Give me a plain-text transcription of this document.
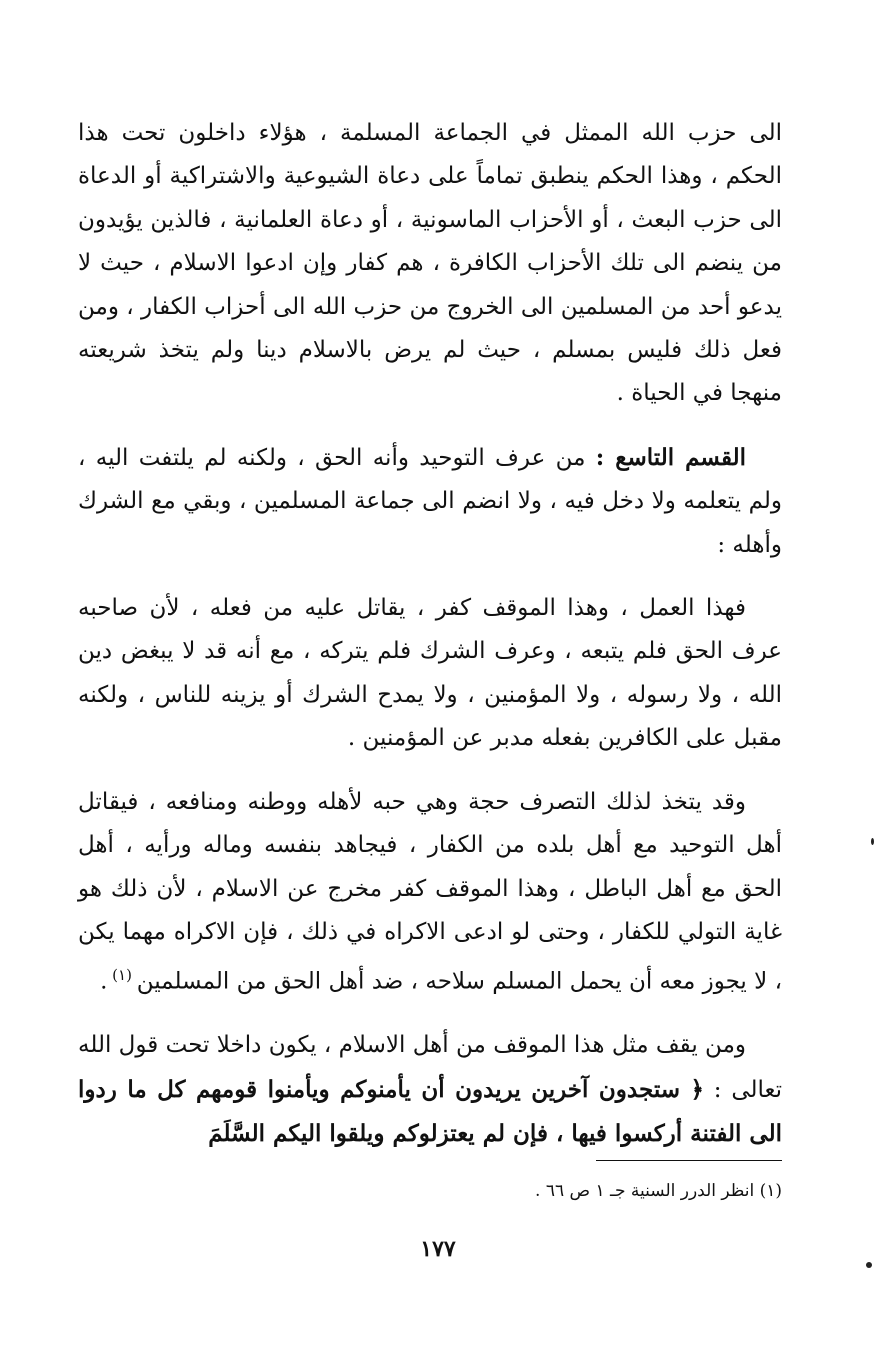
الى حزب الله الممثل في الجماعة المسلمة ، هؤلاء داخلون تحت هذا الحكم ، وهذا الحكم ينطبق تماماً على دعاة الشيوعية والاشتراكية أو الدعاة الى حزب البعث ، أو الأحزاب الماسونية ، أو دعاة العلمانية ، فالذين يؤيدون من ينضم الى تلك الأحزاب الكافرة ، هم كفار وإن ادعوا الاسلام ، حيث لا يدعو أحد من المسلمين الى الخروج من حزب الله الى أحزاب الكفار ، ومن فعل ذلك فليس بمسلم ، حيث لم يرض بالاسلام دينا ولم يتخذ شريعته منهجا في الحياة .

القسم التاسع : من عرف التوحيد وأنه الحق ، ولكنه لم يلتفت اليه ، ولم يتعلمه ولا دخل فيه ، ولا انضم الى جماعة المسلمين ، وبقي مع الشرك وأهله :

فهذا العمل ، وهذا الموقف كفر ، يقاتل عليه من فعله ، لأن صاحبه عرف الحق فلم يتبعه ، وعرف الشرك فلم يتركه ، مع أنه قد لا يبغض دين الله ، ولا رسوله ، ولا المؤمنين ، ولا يمدح الشرك أو يزينه للناس ، ولكنه مقبل على الكافرين بفعله مدبر عن المؤمنين .

وقد يتخذ لذلك التصرف حجة وهي حبه لأهله ووطنه ومنافعه ، فيقاتل أهل التوحيد مع أهل بلده من الكفار ، فيجاهد بنفسه وماله ورأيه ، أهل الحق مع أهل الباطل ، وهذا الموقف كفر مخرج عن الاسلام ، لأن ذلك هو غاية التولي للكفار ، وحتى لو ادعى الاكراه في ذلك ، فإن الاكراه مهما يكن ، لا يجوز معه أن يحمل المسلم سلاحه ، ضد أهل الحق من المسلمين $^{(١)}$ .

ومن يقف مثل هذا الموقف من أهل الاسلام ، يكون داخلا تحت قول الله تعالى : ﴿ ستجدون آخرين يريدون أن يأمنوكم ويأمنوا قومهم كل ما ردوا الى الفتنة أركسوا فيها ، فإن لم يعتزلوكم ويلقوا اليكم السَّلَمَ

(١) انظر الدرر السنية جـ ١ ص ٦٦ .

١٧٧
